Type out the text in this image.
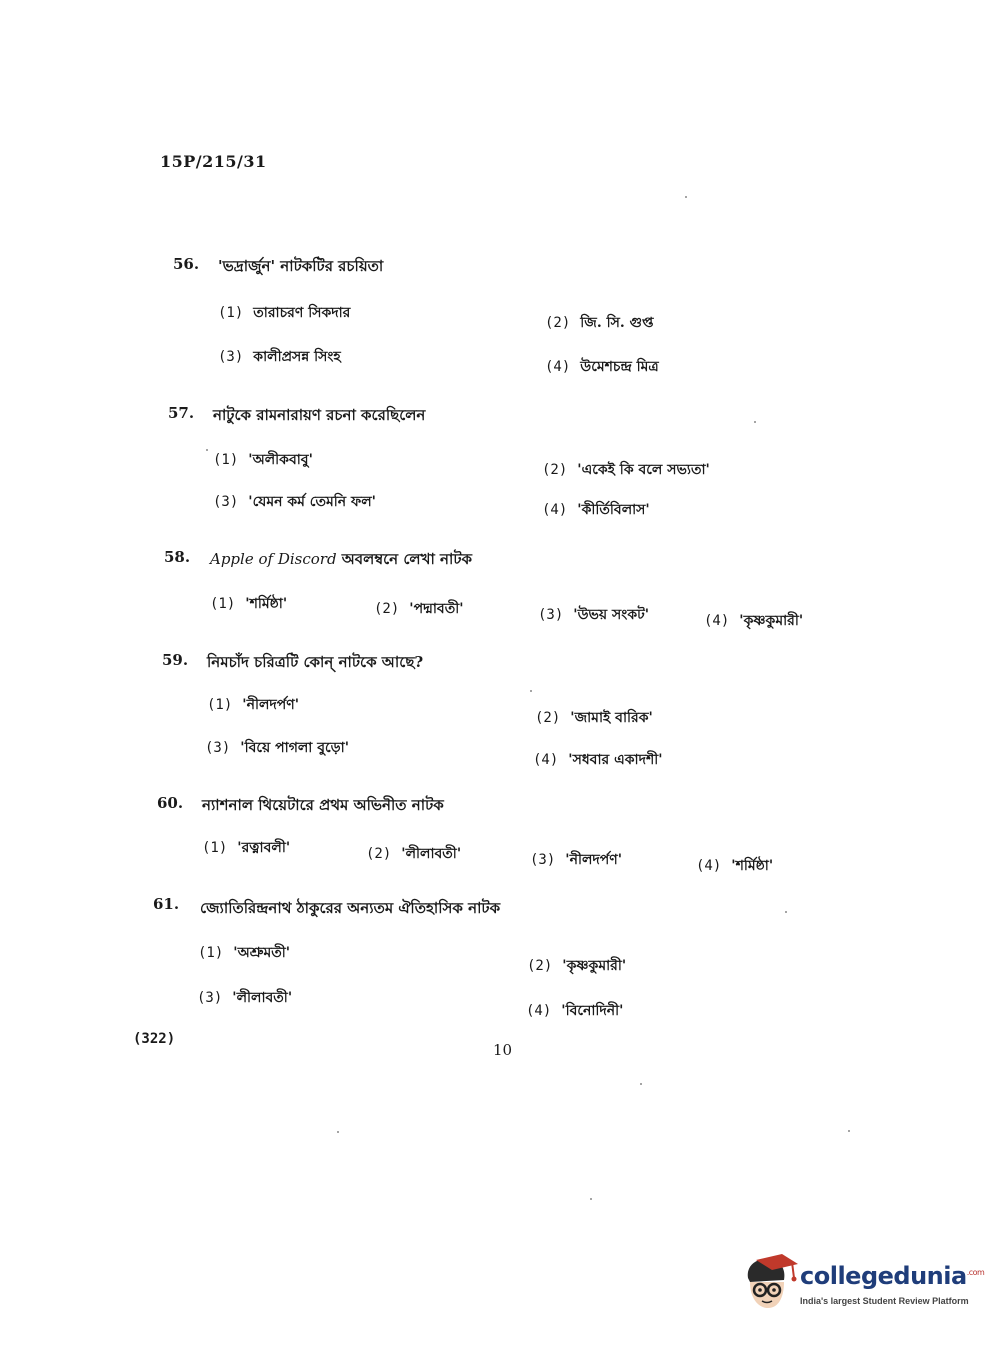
15P/215/31
56. 'ভদ্রার্জুন' নাটকটির রচয়িতা
(1) তারাচরণ সিকদার
(2) জি. সি. গুপ্ত
(3) কালীপ্রসন্ন সিংহ
(4) উমেশচন্দ্র মিত্র
57. নাটুকে রামনারায়ণ রচনা করেছিলেন
(1) 'অলীকবাবু'
(2) 'একেই কি বলে সভ্যতা'
(3) 'যেমন কর্ম তেমনি ফল'	(4) 'কীর্তিবিলাস'
58. Apple of Discord অবলম্বনে লেখা নাটক
(1) 'শর্মিষ্ঠা'	(2) 'পদ্মাবতী'	(3) 'উভয় সংকট'	(4) 'কৃষ্ণকুমারী'
59. নিমচাঁদ চরিত্রটি কোন্ নাটকে আছে?
(1) 'নীলদর্পণ'
(2) 'জামাই বারিক'
(3) 'বিয়ে পাগলা বুড়ো'
(4) 'সধবার একাদশী'
60. ন্যাশনাল থিয়েটারে প্রথম অভিনীত নাটক
(1) 'রত্নাবলী'	(2) 'লীলাবতী'	(3) 'নীলদর্পণ'	(4) 'শর্মিষ্ঠা'
61. জ্যোতিরিন্দ্রনাথ ঠাকুরের অন্যতম ঐতিহাসিক নাটক
(1) 'অশ্রুমতী'
(2) 'কৃষ্ণকুমারী'
(3) 'লীলাবতী'
(4) 'বিনোদিনী'
(322)
10
collegedunia$^{.com}$
India's largest Student Review Platform
